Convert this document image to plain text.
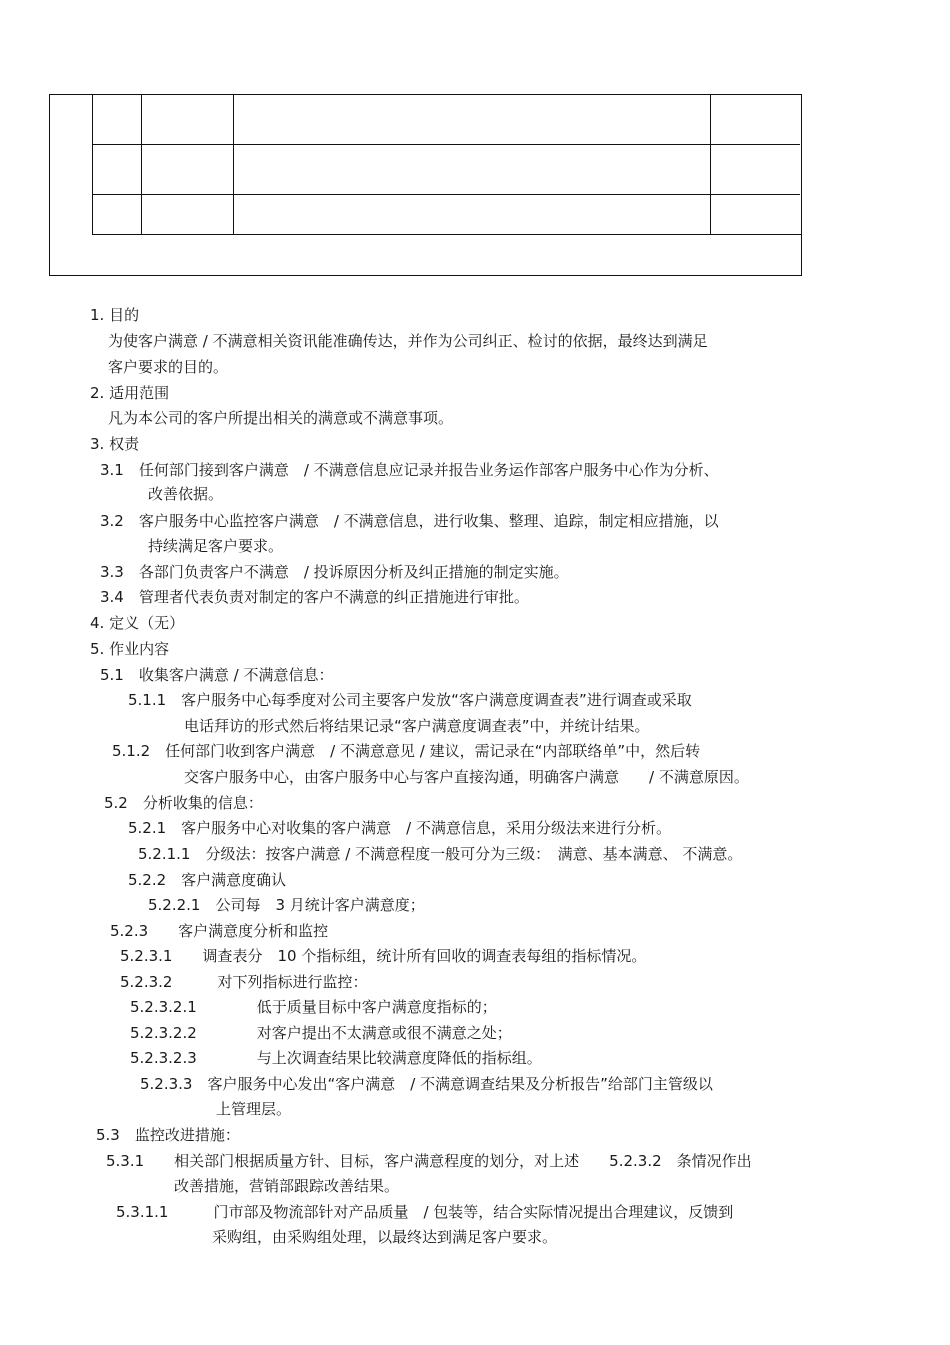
1. 目的
为使客户满意 / 不满意相关资讯能准确传达，并作为公司纠正、检讨的依据，最终达到满足
客户要求的目的。
2. 适用范围
凡为本公司的客户所提出相关的满意或不满意事项。
3. 权责
3.1　任何部门接到客户满意　/ 不满意信息应记录并报告业务运作部客户服务中心作为分析、
改善依据。
3.2　客户服务中心监控客户满意　/ 不满意信息，进行收集、整理、追踪，制定相应措施，以
持续满足客户要求。
3.3　各部门负责客户不满意　/ 投诉原因分析及纠正措施的制定实施。
3.4　管理者代表负责对制定的客户不满意的纠正措施进行审批。
4. 定义（无）
5. 作业内容
5.1　收集客户满意 / 不满意信息：
5.1.1　客户服务中心每季度对公司主要客户发放“客户满意度调查表”进行调查或采取
电话拜访的形式然后将结果记录“客户满意度调查表”中，并统计结果。
5.1.2　任何部门收到客户满意　/ 不满意意见 / 建议，需记录在“内部联络单”中，然后转
交客户服务中心，由客户服务中心与客户直接沟通，明确客户满意　　/ 不满意原因。
5.2　分析收集的信息：
5.2.1　客户服务中心对收集的客户满意　/ 不满意信息，采用分级法来进行分析。
5.2.1.1　分级法：按客户满意 / 不满意程度一般可分为三级：　满意、基本满意、 不满意。
5.2.2　客户满意度确认
5.2.2.1　公司每　3 月统计客户满意度；
5.2.3　　客户满意度分析和监控
5.2.3.1　　调查表分　10 个指标组，统计所有回收的调查表每组的指标情况。
5.2.3.2　　　对下列指标进行监控：
5.2.3.2.1　　　　低于质量目标中客户满意度指标的；
5.2.3.2.2　　　　对客户提出不太满意或很不满意之处；
5.2.3.2.3　　　　与上次调查结果比较满意度降低的指标组。
5.2.3.3　客户服务中心发出“客户满意　/ 不满意调查结果及分析报告”给部门主管级以
上管理层。
5.3　监控改进措施：
5.3.1　　相关部门根据质量方针、目标，客户满意程度的划分，对上述　　5.2.3.2　条情况作出
改善措施，营销部跟踪改善结果。
5.3.1.1　　　门市部及物流部针对产品质量　/ 包装等，结合实际情况提出合理建议，反馈到
采购组，由采购组处理，以最终达到满足客户要求。
